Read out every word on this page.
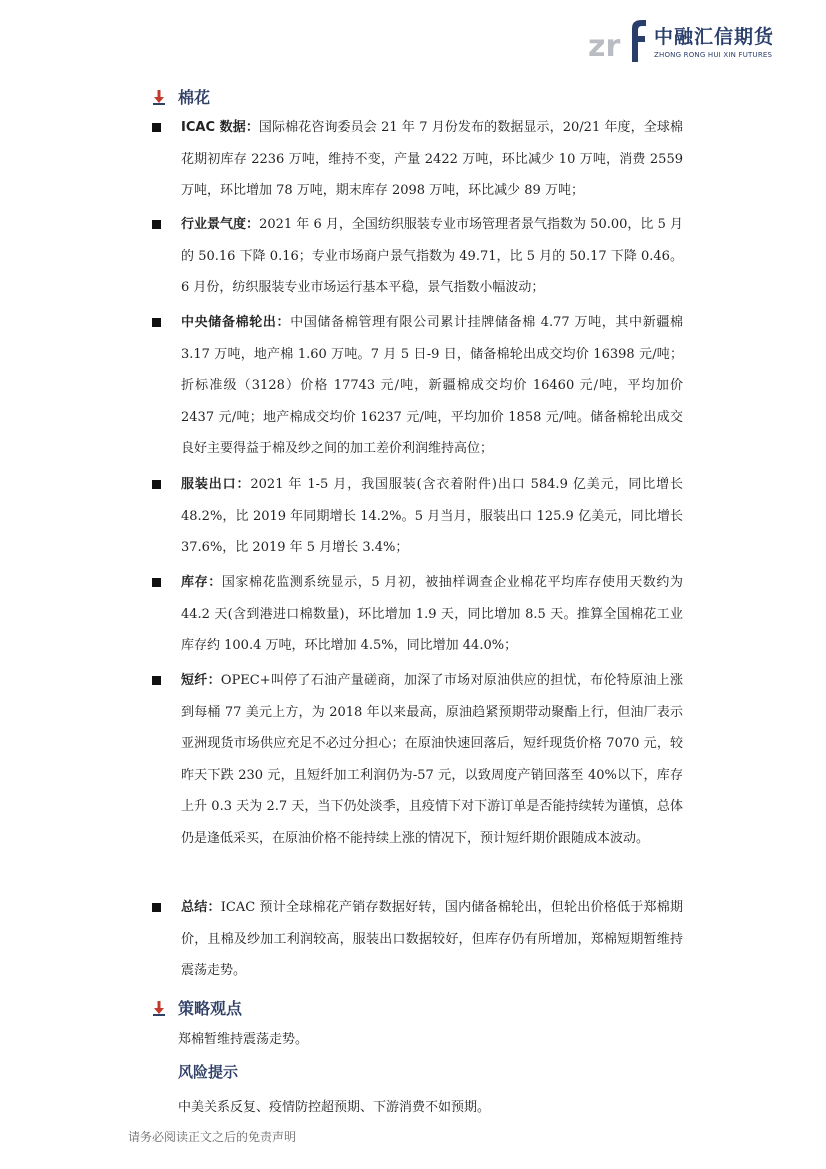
zr 中融汇信期货
ZHONG RONG HUI XIN FUTURES
棉花
ICAC 数据：国际棉花咨询委员会 21 年 7 月份发布的数据显示，20/21 年度，全球棉花期初库存 2236 万吨，维持不变，产量 2422 万吨，环比减少 10 万吨，消费 2559 万吨，环比增加 78 万吨，期末库存 2098 万吨，环比减少 89 万吨；
行业景气度：2021 年 6 月，全国纺织服装专业市场管理者景气指数为 50.00，比 5 月的 50.16 下降 0.16；专业市场商户景气指数为 49.71，比 5 月的 50.17 下降 0.46。6 月份，纺织服装专业市场运行基本平稳，景气指数小幅波动；
中央储备棉轮出：中国储备棉管理有限公司累计挂牌储备棉 4.77 万吨，其中新疆棉 3.17 万吨，地产棉 1.60 万吨。7 月 5 日-9 日，储备棉轮出成交均价 16398 元/吨；折标准级（3128）价格 17743 元/吨，新疆棉成交均价 16460 元/吨，平均加价 2437 元/吨；地产棉成交均价 16237 元/吨，平均加价 1858 元/吨。储备棉轮出成交良好主要得益于棉及纱之间的加工差价利润维持高位；
服装出口：2021 年 1-5 月，我国服装(含衣着附件)出口 584.9 亿美元，同比增长 48.2%，比 2019 年同期增长 14.2%。5 月当月，服装出口 125.9 亿美元，同比增长 37.6%，比 2019 年 5 月增长 3.4%；
库存：国家棉花监测系统显示，5 月初，被抽样调查企业棉花平均库存使用天数约为 44.2 天(含到港进口棉数量)，环比增加 1.9 天，同比增加 8.5 天。推算全国棉花工业库存约 100.4 万吨，环比增加 4.5%，同比增加 44.0%；
短纤：OPEC+叫停了石油产量磋商，加深了市场对原油供应的担忧，布伦特原油上涨到每桶 77 美元上方，为 2018 年以来最高，原油趋紧预期带动聚酯上行，但油厂表示亚洲现货市场供应充足不必过分担心；在原油快速回落后，短纤现货价格 7070 元，较昨天下跌 230 元，且短纤加工利润仍为-57 元，以致周度产销回落至 40%以下，库存上升 0.3 天为 2.7 天，当下仍处淡季，且疫情下对下游订单是否能持续转为谨慎，总体仍是逢低采买，在原油价格不能持续上涨的情况下，预计短纤期价跟随成本波动。
总结：ICAC 预计全球棉花产销存数据好转，国内储备棉轮出，但轮出价格低于郑棉期价，且棉及纱加工利润较高，服装出口数据较好，但库存仍有所增加，郑棉短期暂维持震荡走势。
策略观点
郑棉暂维持震荡走势。
风险提示
中美关系反复、疫情防控超预期、下游消费不如预期。
请务必阅读正文之后的免责声明
